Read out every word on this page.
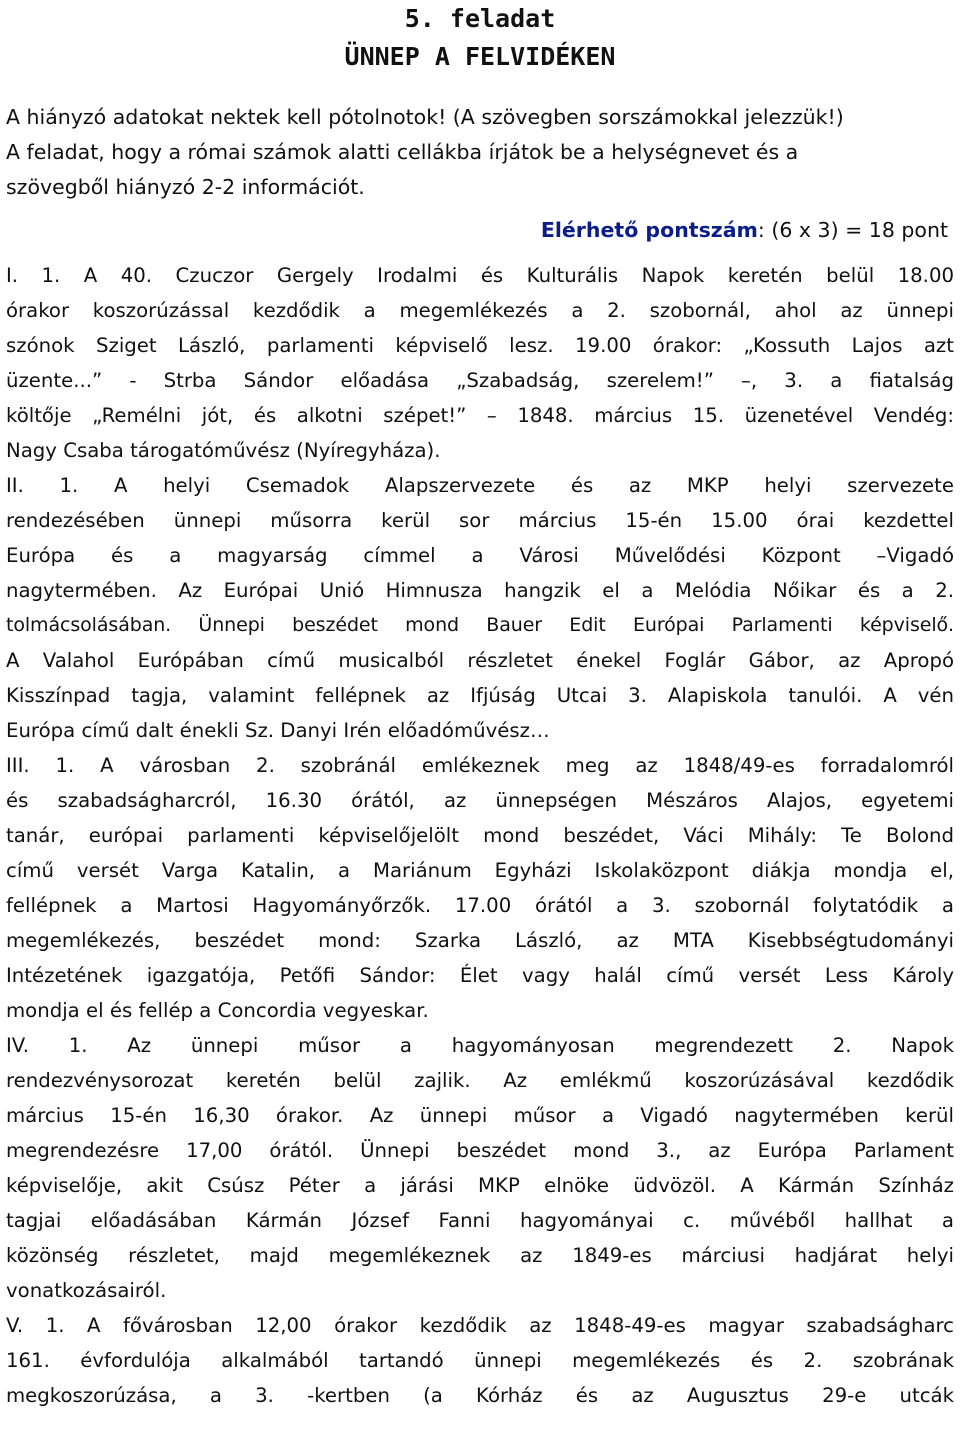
5. feladat
ÜNNEP A FELVIDÉKEN
A hiányzó adatokat nektek kell pótolnotok! (A szövegben sorszámokkal jelezzük!)
A feladat, hogy a római számok alatti cellákba írjátok be a helységnevet és a
szövegből hiányzó 2-2 információt.
Elérhető pontszám: (6 x 3) = 18 pont
I. 1. A 40. Czuczor Gergely Irodalmi és Kulturális Napok keretén belül 18.00
órakor koszorúzással kezdődik a megemlékezés a 2. szobornál, ahol az ünnepi
szónok Sziget László, parlamenti képviselő lesz. 19.00 órakor: „Kossuth Lajos azt
üzente...” - Strba Sándor előadása „Szabadság, szerelem!” –, 3. a fiatalság
költője „Remélni jót, és alkotni szépet!” – 1848. március 15. üzenetével Vendég:
Nagy Csaba tárogatóművész (Nyíregyháza).
II. 1. A helyi Csemadok Alapszervezete és az MKP helyi szervezete
rendezésében ünnepi műsorra kerül sor március 15-én 15.00 órai kezdettel
Európa és a magyarság címmel a Városi Művelődési Központ –Vigadó
nagytermében. Az Európai Unió Himnusza hangzik el a Melódia Nőikar és a 2.
tolmácsolásában. Ünnepi beszédet mond Bauer Edit Európai Parlamenti képviselő.
A Valahol Európában című musicalból részletet énekel Foglár Gábor, az Apropó
Kisszínpad tagja, valamint fellépnek az Ifjúság Utcai 3. Alapiskola tanulói. A vén
Európa című dalt énekli Sz. Danyi Irén előadóművész…
III. 1. A városban 2. szobránál emlékeznek meg az 1848/49-es forradalomról
és szabadságharcról, 16.30 órától, az ünnepségen Mészáros Alajos, egyetemi
tanár, európai parlamenti képviselőjelölt mond beszédet, Váci Mihály: Te Bolond
című versét Varga Katalin, a Mariánum Egyházi Iskolaközpont diákja mondja el,
fellépnek a Martosi Hagyományőrzők. 17.00 órától a 3. szobornál folytatódik a
megemlékezés, beszédet mond: Szarka László, az MTA Kisebbségtudományi
Intézetének igazgatója, Petőfi Sándor: Élet vagy halál című versét Less Károly
mondja el és fellép a Concordia vegyeskar.
IV. 1. Az ünnepi műsor a hagyományosan megrendezett 2. Napok
rendezvénysorozat keretén belül zajlik. Az emlékmű koszorúzásával kezdődik
március 15-én 16,30 órakor. Az ünnepi műsor a Vigadó nagytermében kerül
megrendezésre 17,00 órától. Ünnepi beszédet mond 3., az Európa Parlament
képviselője, akit Csúsz Péter a járási MKP elnöke üdvözöl. A Kármán Színház
tagjai előadásában Kármán József Fanni hagyományai c. művéből hallhat a
közönség részletet, majd megemlékeznek az 1849-es márciusi hadjárat helyi
vonatkozásairól.
V. 1. A fővárosban 12,00 órakor kezdődik az 1848-49-es magyar szabadságharc
161. évfordulója alkalmából tartandó ünnepi megemlékezés és 2. szobrának
megkoszorúzása, a 3. -kertben (a Kórház és az Augusztus 29-e utcák
